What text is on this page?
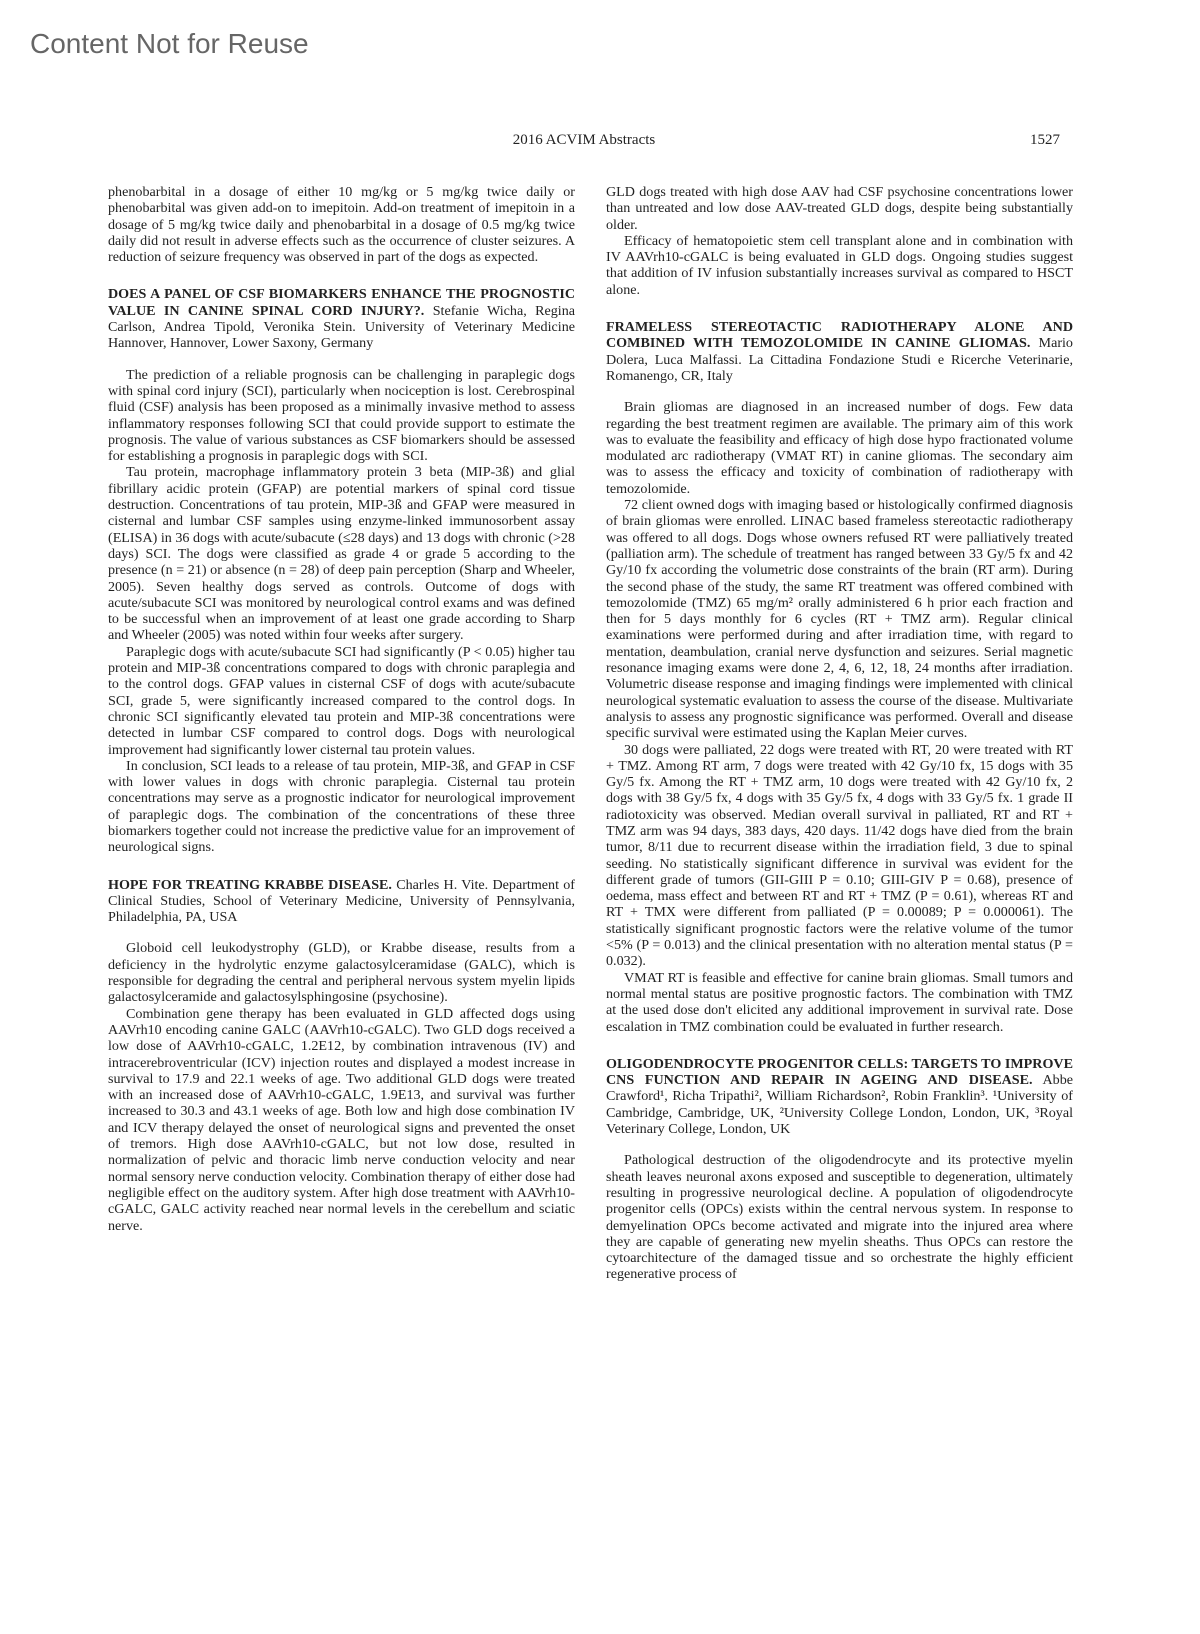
Content Not for Reuse
2016 ACVIM Abstracts	1527

phenobarbital in a dosage of either 10 mg/kg or 5 mg/kg twice daily or phenobarbital was given add-on to imepitoin. Add-on treatment of imepitoin in a dosage of 5 mg/kg twice daily and phenobarbital in a dosage of 0.5 mg/kg twice daily did not result in adverse effects such as the occurrence of cluster seizures. A reduction of seizure frequency was observed in part of the dogs as expected.

DOES A PANEL OF CSF BIOMARKERS ENHANCE THE PROGNOSTIC VALUE IN CANINE SPINAL CORD INJURY?. Stefanie Wicha, Regina Carlson, Andrea Tipold, Veronika Stein. University of Veterinary Medicine Hannover, Hannover, Lower Saxony, Germany

The prediction of a reliable prognosis can be challenging in paraplegic dogs with spinal cord injury (SCI), particularly when nociception is lost. Cerebrospinal fluid (CSF) analysis has been proposed as a minimally invasive method to assess inflammatory responses following SCI that could provide support to estimate the prognosis. The value of various substances as CSF biomarkers should be assessed for establishing a prognosis in paraplegic dogs with SCI.

Tau protein, macrophage inflammatory protein 3 beta (MIP-3ß) and glial fibrillary acidic protein (GFAP) are potential markers of spinal cord tissue destruction. Concentrations of tau protein, MIP-3ß and GFAP were measured in cisternal and lumbar CSF samples using enzyme-linked immunosorbent assay (ELISA) in 36 dogs with acute/subacute (≤28 days) and 13 dogs with chronic (>28 days) SCI. The dogs were classified as grade 4 or grade 5 according to the presence (n = 21) or absence (n = 28) of deep pain perception (Sharp and Wheeler, 2005). Seven healthy dogs served as controls. Outcome of dogs with acute/subacute SCI was monitored by neurological control exams and was defined to be successful when an improvement of at least one grade according to Sharp and Wheeler (2005) was noted within four weeks after surgery.

Paraplegic dogs with acute/subacute SCI had significantly (P < 0.05) higher tau protein and MIP-3ß concentrations compared to dogs with chronic paraplegia and to the control dogs. GFAP values in cisternal CSF of dogs with acute/subacute SCI, grade 5, were significantly increased compared to the control dogs. In chronic SCI significantly elevated tau protein and MIP-3ß concentrations were detected in lumbar CSF compared to control dogs. Dogs with neurological improvement had significantly lower cisternal tau protein values.

In conclusion, SCI leads to a release of tau protein, MIP-3ß, and GFAP in CSF with lower values in dogs with chronic paraplegia. Cisternal tau protein concentrations may serve as a prognostic indicator for neurological improvement of paraplegic dogs. The combination of the concentrations of these three biomarkers together could not increase the predictive value for an improvement of neurological signs.

HOPE FOR TREATING KRABBE DISEASE. Charles H. Vite. Department of Clinical Studies, School of Veterinary Medicine, University of Pennsylvania, Philadelphia, PA, USA

Globoid cell leukodystrophy (GLD), or Krabbe disease, results from a deficiency in the hydrolytic enzyme galactosylceramidase (GALC), which is responsible for degrading the central and peripheral nervous system myelin lipids galactosylceramide and galactosylsphingosine (psychosine).

Combination gene therapy has been evaluated in GLD affected dogs using AAVrh10 encoding canine GALC (AAVrh10-cGALC). Two GLD dogs received a low dose of AAVrh10-cGALC, 1.2E12, by combination intravenous (IV) and intracerebroventricular (ICV) injection routes and displayed a modest increase in survival to 17.9 and 22.1 weeks of age. Two additional GLD dogs were treated with an increased dose of AAVrh10-cGALC, 1.9E13, and survival was further increased to 30.3 and 43.1 weeks of age. Both low and high dose combination IV and ICV therapy delayed the onset of neurological signs and prevented the onset of tremors. High dose AAVrh10-cGALC, but not low dose, resulted in normalization of pelvic and thoracic limb nerve conduction velocity and near normal sensory nerve conduction velocity. Combination therapy of either dose had negligible effect on the auditory system. After high dose treatment with AAVrh10-cGALC, GALC activity reached near normal levels in the cerebellum and sciatic nerve.

GLD dogs treated with high dose AAV had CSF psychosine concentrations lower than untreated and low dose AAV-treated GLD dogs, despite being substantially older.

Efficacy of hematopoietic stem cell transplant alone and in combination with IV AAVrh10-cGALC is being evaluated in GLD dogs. Ongoing studies suggest that addition of IV infusion substantially increases survival as compared to HSCT alone.

FRAMELESS STEREOTACTIC RADIOTHERAPY ALONE AND COMBINED WITH TEMOZOLOMIDE IN CANINE GLIOMAS. Mario Dolera, Luca Malfassi. La Cittadina Fondazione Studi e Ricerche Veterinarie, Romanengo, CR, Italy

Brain gliomas are diagnosed in an increased number of dogs. Few data regarding the best treatment regimen are available. The primary aim of this work was to evaluate the feasibility and efficacy of high dose hypo fractionated volume modulated arc radiotherapy (VMAT RT) in canine gliomas. The secondary aim was to assess the efficacy and toxicity of combination of radiotherapy with temozolomide.

72 client owned dogs with imaging based or histologically confirmed diagnosis of brain gliomas were enrolled. LINAC based frameless stereotactic radiotherapy was offered to all dogs. Dogs whose owners refused RT were palliatively treated (palliation arm). The schedule of treatment has ranged between 33 Gy/5 fx and 42 Gy/10 fx according the volumetric dose constraints of the brain (RT arm). During the second phase of the study, the same RT treatment was offered combined with temozolomide (TMZ) 65 mg/m² orally administered 6 h prior each fraction and then for 5 days monthly for 6 cycles (RT + TMZ arm). Regular clinical examinations were performed during and after irradiation time, with regard to mentation, deambulation, cranial nerve dysfunction and seizures. Serial magnetic resonance imaging exams were done 2, 4, 6, 12, 18, 24 months after irradiation. Volumetric disease response and imaging findings were implemented with clinical neurological systematic evaluation to assess the course of the disease. Multivariate analysis to assess any prognostic significance was performed. Overall and disease specific survival were estimated using the Kaplan Meier curves.

30 dogs were palliated, 22 dogs were treated with RT, 20 were treated with RT + TMZ. Among RT arm, 7 dogs were treated with 42 Gy/10 fx, 15 dogs with 35 Gy/5 fx. Among the RT + TMZ arm, 10 dogs were treated with 42 Gy/10 fx, 2 dogs with 38 Gy/5 fx, 4 dogs with 35 Gy/5 fx, 4 dogs with 33 Gy/5 fx. 1 grade II radiotoxicity was observed. Median overall survival in palliated, RT and RT + TMZ arm was 94 days, 383 days, 420 days. 11/42 dogs have died from the brain tumor, 8/11 due to recurrent disease within the irradiation field, 3 due to spinal seeding. No statistically significant difference in survival was evident for the different grade of tumors (GII-GIII P = 0.10; GIII-GIV P = 0.68), presence of oedema, mass effect and between RT and RT + TMZ (P = 0.61), whereas RT and RT + TMX were different from palliated (P = 0.00089; P = 0.000061). The statistically significant prognostic factors were the relative volume of the tumor <5% (P = 0.013) and the clinical presentation with no alteration mental status (P = 0.032).

VMAT RT is feasible and effective for canine brain gliomas. Small tumors and normal mental status are positive prognostic factors. The combination with TMZ at the used dose don't elicited any additional improvement in survival rate. Dose escalation in TMZ combination could be evaluated in further research.

OLIGODENDROCYTE PROGENITOR CELLS: TARGETS TO IMPROVE CNS FUNCTION AND REPAIR IN AGEING AND DISEASE. Abbe Crawford¹, Richa Tripathi², William Richardson², Robin Franklin³. ¹University of Cambridge, Cambridge, UK, ²University College London, London, UK, ³Royal Veterinary College, London, UK

Pathological destruction of the oligodendrocyte and its protective myelin sheath leaves neuronal axons exposed and susceptible to degeneration, ultimately resulting in progressive neurological decline. A population of oligodendrocyte progenitor cells (OPCs) exists within the central nervous system. In response to demyelination OPCs become activated and migrate into the injured area where they are capable of generating new myelin sheaths. Thus OPCs can restore the cytoarchitecture of the damaged tissue and so orchestrate the highly efficient regenerative process of
